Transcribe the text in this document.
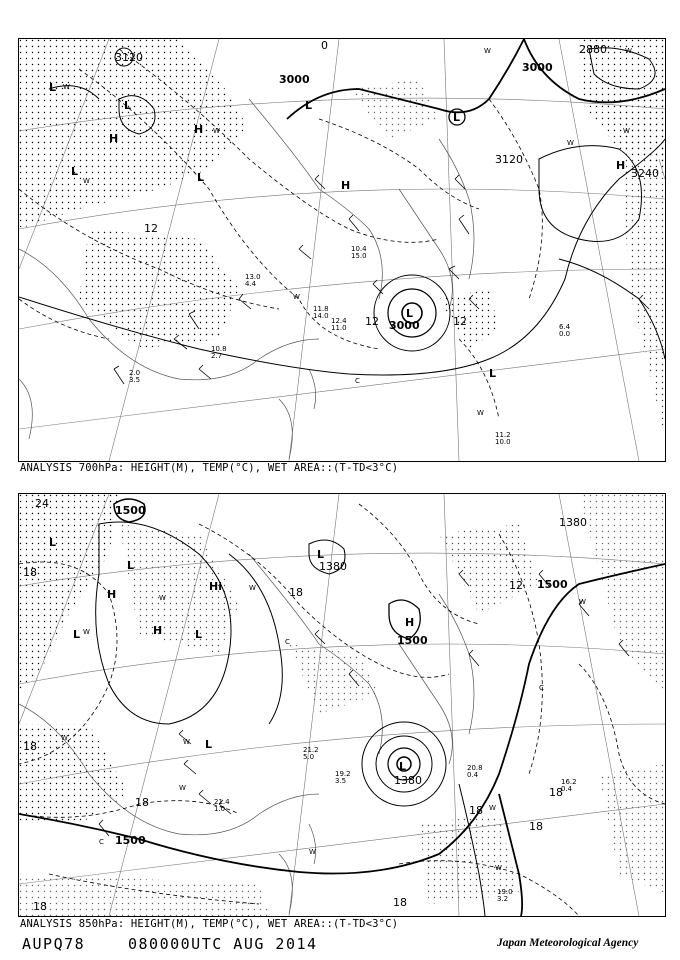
3120
3000
3000
2880
3000
3120
3240
12
12	12
0
L
L
H
H
L	L
H
L
L
H
L
L
W
W
W
W
W
W
W
C
W
W
10.8 2.7
11.2 10.0
6.4 0.0
12.4 11.0
11.8 14.0
13.0 4.4
10.4 15.0
2.0 3.5
ANALYSIS 700hPa: HEIGHT(M), TEMP(°C), WET AREA::(T-TD<3°C)
1500
1500
1380
1500
1380
1500
1380
24
18
18
12
18
18
18
18
18
18
18
L
L
H
L	H	L
Hi
L
H
L
L
W
W
W
W
W
W
W
C
C
C
W
W
W
19.0 3.2
16.2 0.4
20.8 0.4
21.4 1.0
19.2 3.5
21.2 5.0
ANALYSIS 850hPa: HEIGHT(M), TEMP(°C), WET AREA::(T-TD<3°C)
AUPQ78	080000UTC AUG 2014	Japan Meteorological Agency
